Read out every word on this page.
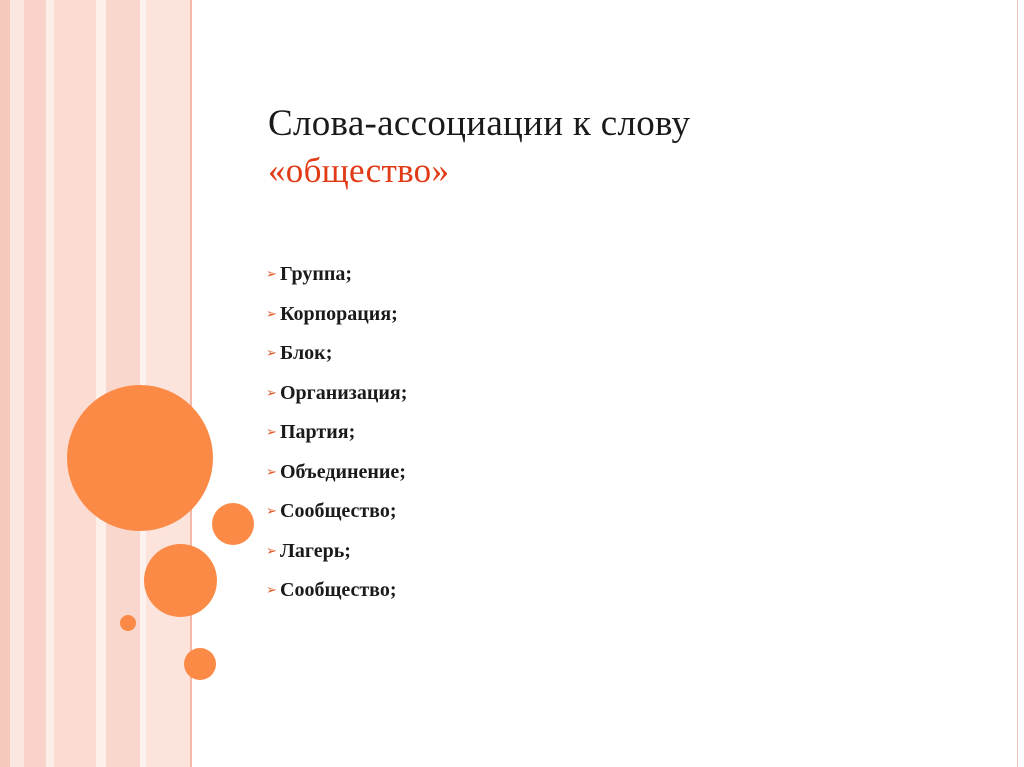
Слова-ассоциации к слову
«общество»
➢ Группа;
➢ Корпорация;
➢ Блок;
➢ Организация;
➢ Партия;
➢ Объединение;
➢ Сообщество;
➢ Лагерь;
➢ Сообщество;
